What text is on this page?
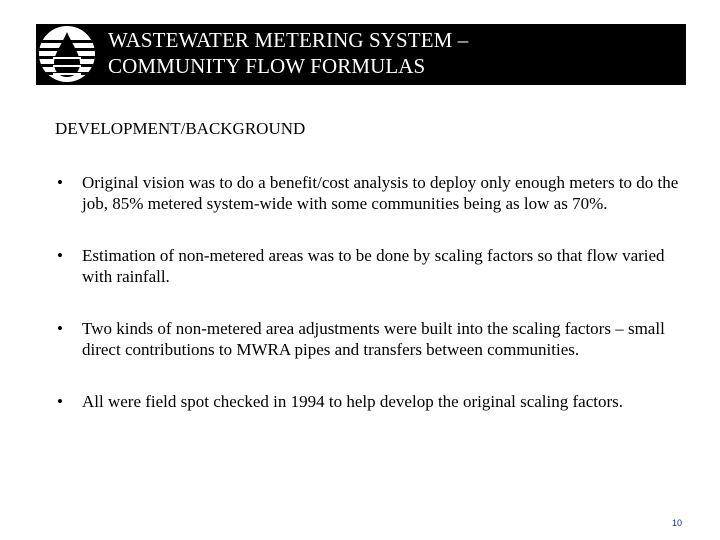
WASTEWATER METERING SYSTEM –
COMMUNITY FLOW FORMULAS
DEVELOPMENT/BACKGROUND
• Original vision was to do a benefit/cost analysis to deploy only enough meters to do the job, 85% metered system-wide with some communities being as low as 70%.
• Estimation of non-metered areas was to be done by scaling factors so that flow varied with rainfall.
• Two kinds of non-metered area adjustments were built into the scaling factors – small direct contributions to MWRA pipes and transfers between communities.
• All were field spot checked in 1994 to help develop the original scaling factors.
10
